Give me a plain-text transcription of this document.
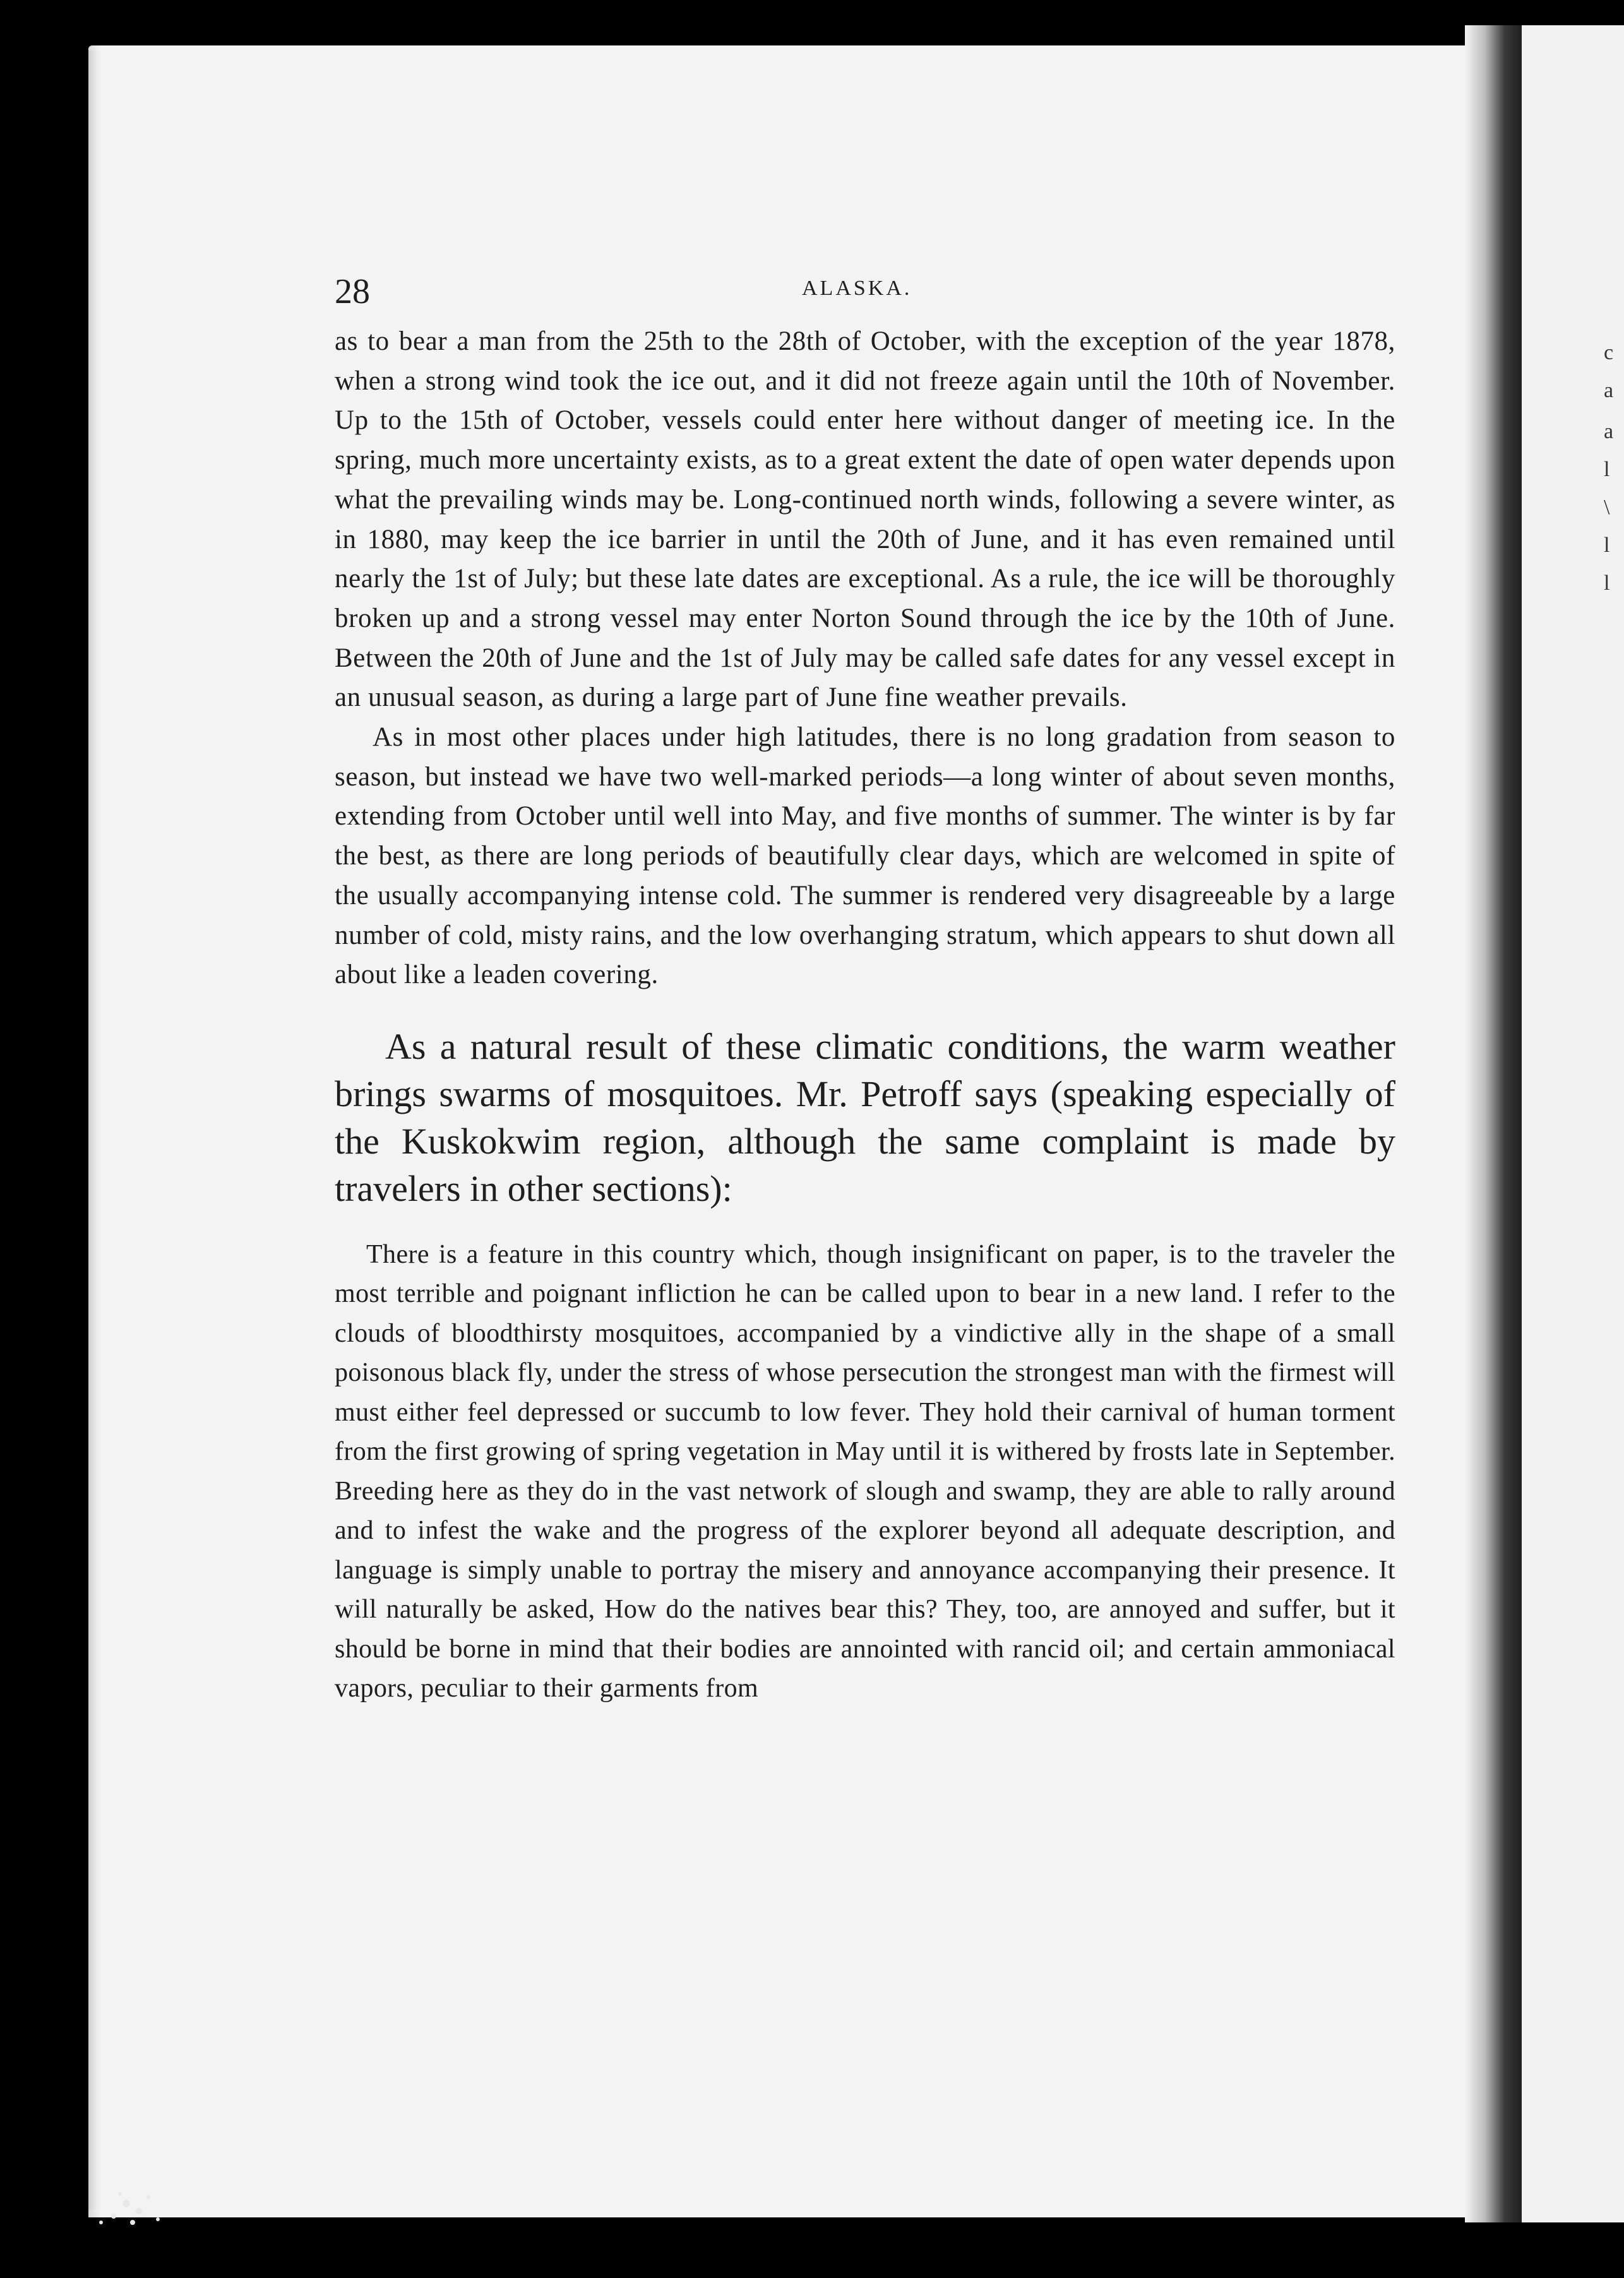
c
a
a
l
\
l
l
28	ALASKA.

as to bear a man from the 25th to the 28th of October, with the exception of the year 1878, when a strong wind took the ice out, and it did not freeze again until the 10th of November. Up to the 15th of October, vessels could enter here without danger of meeting ice. In the spring, much more uncertainty exists, as to a great extent the date of open water depends upon what the prevailing winds may be. Long-continued north winds, following a severe winter, as in 1880, may keep the ice barrier in until the 20th of June, and it has even remained until nearly the 1st of July; but these late dates are exceptional. As a rule, the ice will be thoroughly broken up and a strong vessel may enter Norton Sound through the ice by the 10th of June. Between the 20th of June and the 1st of July may be called safe dates for any vessel except in an unusual season, as during a large part of June fine weather prevails.

As in most other places under high latitudes, there is no long gradation from season to season, but instead we have two well-marked periods—a long winter of about seven months, extending from October until well into May, and five months of summer. The winter is by far the best, as there are long periods of beautifully clear days, which are welcomed in spite of the usually accompanying intense cold. The summer is rendered very disagreeable by a large number of cold, misty rains, and the low overhanging stratum, which appears to shut down all about like a leaden covering.

As a natural result of these climatic conditions, the warm weather brings swarms of mosquitoes. Mr. Petroff says (speaking especially of the Kuskokwim region, although the same complaint is made by travelers in other sections):

There is a feature in this country which, though insignificant on paper, is to the traveler the most terrible and poignant infliction he can be called upon to bear in a new land. I refer to the clouds of bloodthirsty mosquitoes, accompanied by a vindictive ally in the shape of a small poisonous black fly, under the stress of whose persecution the strongest man with the firmest will must either feel depressed or succumb to low fever. They hold their carnival of human torment from the first growing of spring vegetation in May until it is withered by frosts late in September. Breeding here as they do in the vast network of slough and swamp, they are able to rally around and to infest the wake and the progress of the explorer beyond all adequate description, and language is simply unable to portray the misery and annoyance accompanying their presence. It will naturally be asked, How do the natives bear this? They, too, are annoyed and suffer, but it should be borne in mind that their bodies are annointed with rancid oil; and certain ammoniacal vapors, peculiar to their garments from
